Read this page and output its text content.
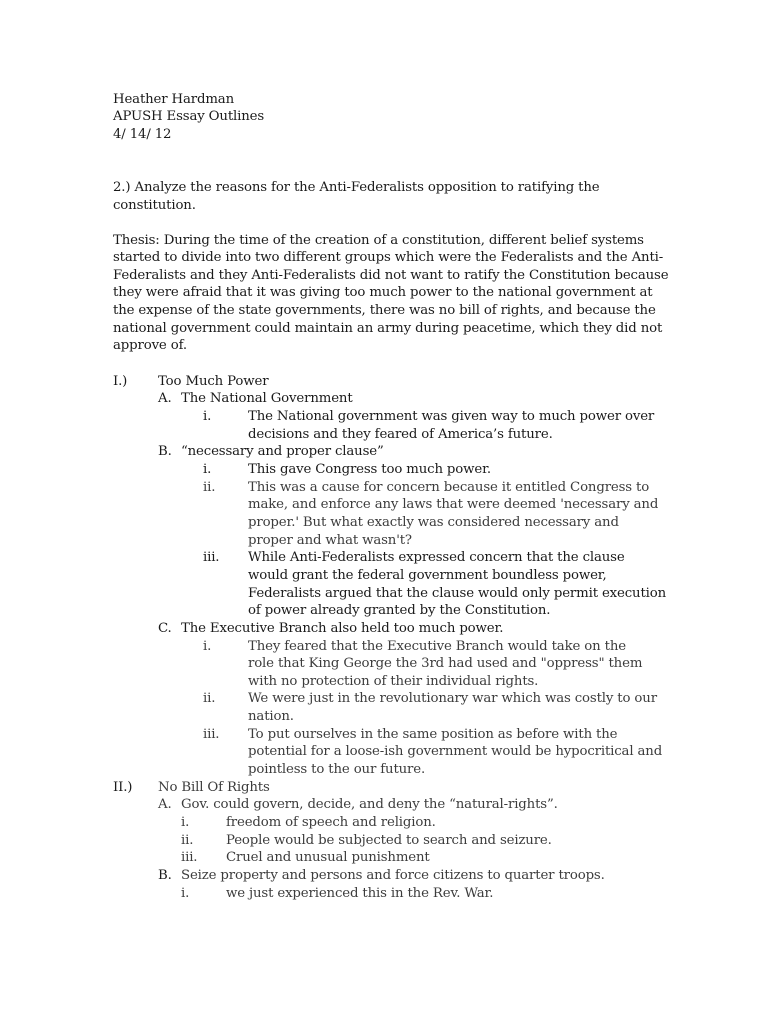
Heather Hardman
APUSH Essay Outlines
4/ 14/ 12
2.) Analyze the reasons for the Anti-Federalists opposition to ratifying the
constitution.
Thesis: During the time of the creation of a constitution, different belief systems
started to divide into two different groups which were the Federalists and the Anti-
Federalists and they Anti-Federalists did not want to ratify the Constitution because
they were afraid that it was giving too much power to the national government at
the expense of the state governments, there was no bill of rights, and because the
national government could maintain an army during peacetime, which they did not
approve of.
I.) Too Much Power
A. The National Government
i.	The National government was given way to much power over
decisions and they feared of America’s future.
B. “necessary and proper clause”
i.	This gave Congress too much power.
ii. This was a cause for concern because it entitled Congress to
make, and enforce any laws that were deemed 'necessary and
proper.' But what exactly was considered necessary and
proper and what wasn't?
iii. While Anti-Federalists expressed concern that the clause
would grant the federal government boundless power,
Federalists argued that the clause would only permit execution
of power already granted by the Constitution.
C. The Executive Branch also held too much power.
i.	They feared that the Executive Branch would take on the
role that King George the 3rd had used and "oppress" them
with no protection of their individual rights.
ii. We were just in the revolutionary war which was costly to our
nation.
iii. To put ourselves in the same position as before with the
potential for a loose-ish government would be hypocritical and
pointless to the our future.
II.) No Bill Of Rights
A. Gov. could govern, decide, and deny the “natural-rights”.
i.	freedom of speech and religion.
ii. People would be subjected to search and seizure.
iii. Cruel and unusual punishment
B. Seize property and persons and force citizens to quarter troops.
i.	we just experienced this in the Rev. War.
